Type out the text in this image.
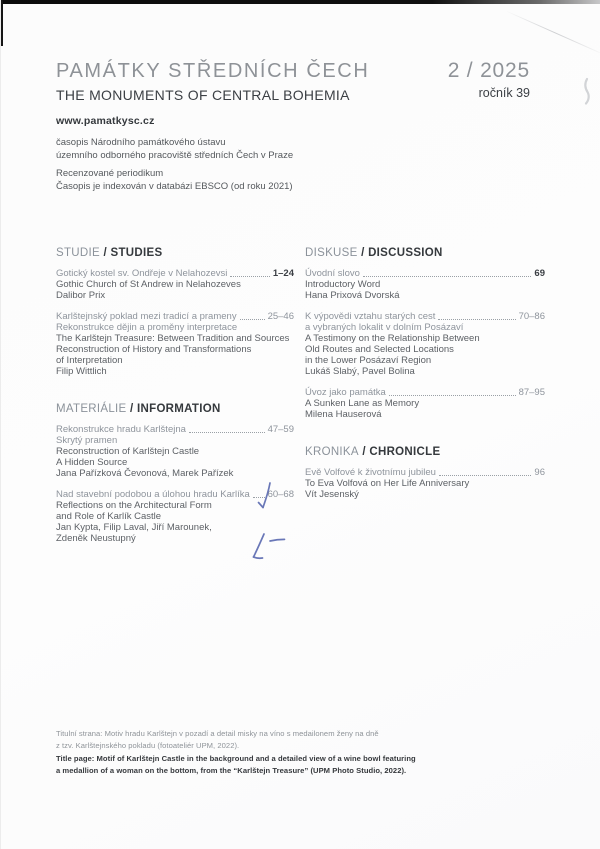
PAMÁTKY STŘEDNÍCH ČECH
THE MONUMENTS OF CENTRAL BOHEMIA
2 / 2025
ročník 39
www.pamatkysc.cz
časopis Národního památkového ústavu
územního odborného pracoviště středních Čech v Praze
Recenzované periodikum
Časopis je indexován v databázi EBSCO (od roku 2021)
STUDIE / STUDIES
Gotický kostel sv. Ondřeje v Nelahozevsi	1–24
Gothic Church of St Andrew in Nelahozeves
Dalibor Prix
Karlštejnský poklad mezi tradicí a prameny	25–46
Rekonstrukce dějin a proměny interpretace
The Karlštejn Treasure: Between Tradition and Sources
Reconstruction of History and Transformations
of Interpretation
Filip Wittlich
MATERIÁLIE / INFORMATION
Rekonstrukce hradu Karlštejna	47–59
Skrytý pramen
Reconstruction of Karlštejn Castle
A Hidden Source
Jana Pařízková Čevonová, Marek Pařízek
Nad stavební podobou a úlohou hradu Karlíka 60–68
Reflections on the Architectural Form
and Role of Karlík Castle
Jan Kypta, Filip Laval, Jiří Marounek,
Zdeněk Neustupný
DISKUSE / DISCUSSION
Úvodní slovo	69
Introductory Word
Hana Prixová Dvorská
K výpovědi vztahu starých cest	70–86
a vybraných lokalit v dolním Posázaví
A Testimony on the Relationship Between
Old Routes and Selected Locations
in the Lower Posázaví Region
Lukáš Slabý, Pavel Bolina
Úvoz jako památka	87–95
A Sunken Lane as Memory
Milena Hauserová
KRONIKA / CHRONICLE
Evě Volfové k životnímu jubileu	96
To Eva Volfová on Her Life Anniversary
Vít Jesenský
Titulní strana: Motiv hradu Karlštejn v pozadí a detail misky na víno s medailonem ženy na dně
z tzv. Karlštejnského pokladu (fotoateliér UPM, 2022).
Title page: Motif of Karlštejn Castle in the background and a detailed view of a wine bowl featuring
a medallion of a woman on the bottom, from the “Karlštejn Treasure” (UPM Photo Studio, 2022).
